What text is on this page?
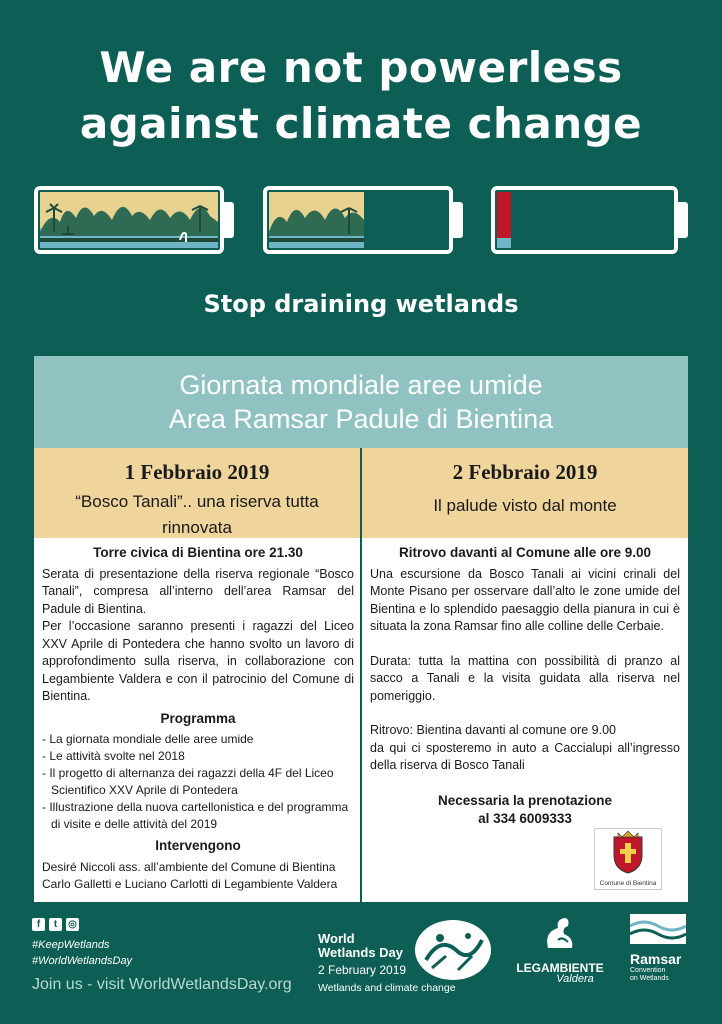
We are not powerless
against climate change
Stop draining wetlands
Giornata mondiale aree umide
Area Ramsar Padule di Bientina
1 Febbraio 2019
“Bosco Tanali”.. una riserva tutta rinnovata
2 Febbraio 2019
Il palude visto dal monte
Torre civica di Bientina ore 21.30

Serata di presentazione della riserva regionale “Bosco Tanali”, compresa all’interno dell’area Ramsar del Padule di Bientina.

Per l’occasione saranno presenti i ragazzi del Liceo XXV Aprile di Pontedera che hanno svolto un lavoro di approfondimento sulla riserva, in collaborazione con Legambiente Valdera e con il patrocinio del Comune di Bientina.

Programma
- La giornata mondiale delle aree umide
- Le attività svolte nel 2018
- Il progetto di alternanza dei ragazzi della 4F del Liceo Scientifico XXV Aprile di Pontedera
- Illustrazione della nuova cartellonistica e del programma di visite e delle attività del 2019
Intervengono

Desiré Niccoli ass. all’ambiente del Comune di Bientina

Carlo Galletti e Luciano Carlotti di Legambiente Valdera

Ritrovo davanti al Comune alle ore 9.00

Una escursione da Bosco Tanali ai vicini crinali del Monte Pisano per osservare dall’alto le zone umide del Bientina e lo splendido paesaggio della pianura in cui è situata la zona Ramsar fino alle colline delle Cerbaie.

Durata: tutta la mattina con possibilità di pranzo al sacco a Tanali e la visita guidata alla riserva nel pomeriggio.

Ritrovo: Bientina davanti al comune ore 9.00

da qui ci sposteremo in auto a Caccialupi all’ingresso della riserva di Bosco Tanali

Necessaria la prenotazione
al 334 6009333
Comune di Bientina
f	t	◎
#KeepWetlands
#WorldWetlandsDay
Join us - visit WorldWetlandsDay.org
World
Wetlands Day
2 February 2019
Wetlands and climate change
LEGAMBIENTE
Valdera
Ramsar
Convention
on Wetlands
